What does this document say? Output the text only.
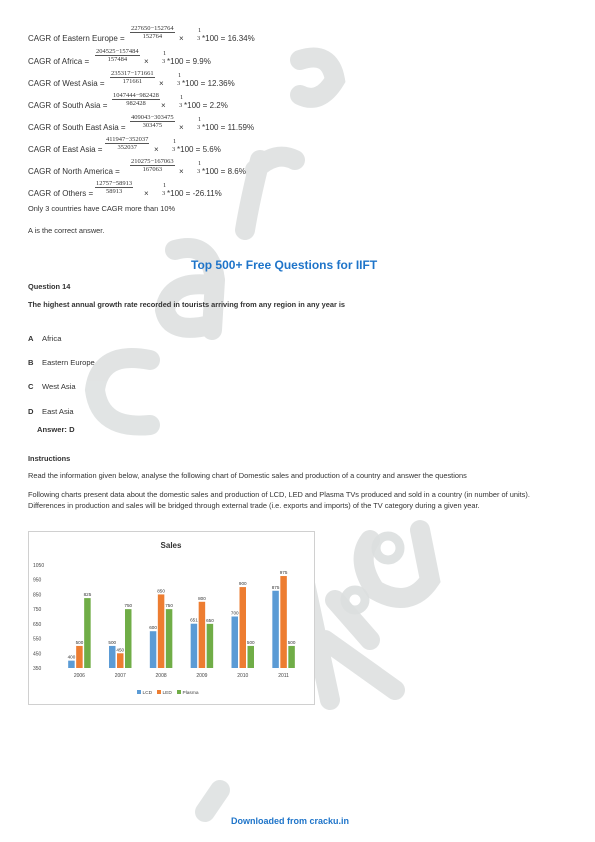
CAGR of Eastern Europe = $\frac{227650-152764}{152764}$ ×
1
3 *100 = 16.34%
CAGR of Africa = $\frac{204525-157484}{157484}$ ×
1
3 *100 = 9.9%
CAGR of West Asia = $\frac{235317-171661}{171661}$ ×
1
3 *100 = 12.36%
CAGR of South Asia = $\frac{1047444-982428}{982428}$ ×
1
3 *100 = 2.2%
CAGR of South East Asia = $\frac{409043-303475}{303475}$ ×
1
3 *100 = 11.59%
CAGR of East Asia = $\frac{411947-352037}{352037}$ ×
1
3 *100 = 5.6%
CAGR of North America = $\frac{210275-167063}{167063}$ ×
1
3 *100 = 8.6%
CAGR of Others = $\frac{12757-58913}{58913}$ ×
1
3 *100 = -26.11%
Only 3 countries have CAGR more than 10%
A is the correct answer.
Top 500+ Free Questions for IIFT
Question 14
The highest annual growth rate recorded in tourists arriving from any region in any year is
A Africa
B Eastern Europe
C West Asia
D East Asia
Answer: D
Instructions
Read the information given below, analyse the following chart of Domestic sales and production of a country and answer the questions
Following charts present data about the domestic sales and production of LCD, LED and Plasma TVs produced and sold in a country (in number of units). Differences in production and sales will be bridged through external trade (i.e. exports and imports) of the TV category during a given year.
Sales
1050
950
850
750
650
550
450
350
400
500
825
2006
500
450
750
2007
600
850
750
2008
651
800
650
2009
700
900
500
2010
875
975
500
2011
LCD LED Plasma
Downloaded from cracku.in
